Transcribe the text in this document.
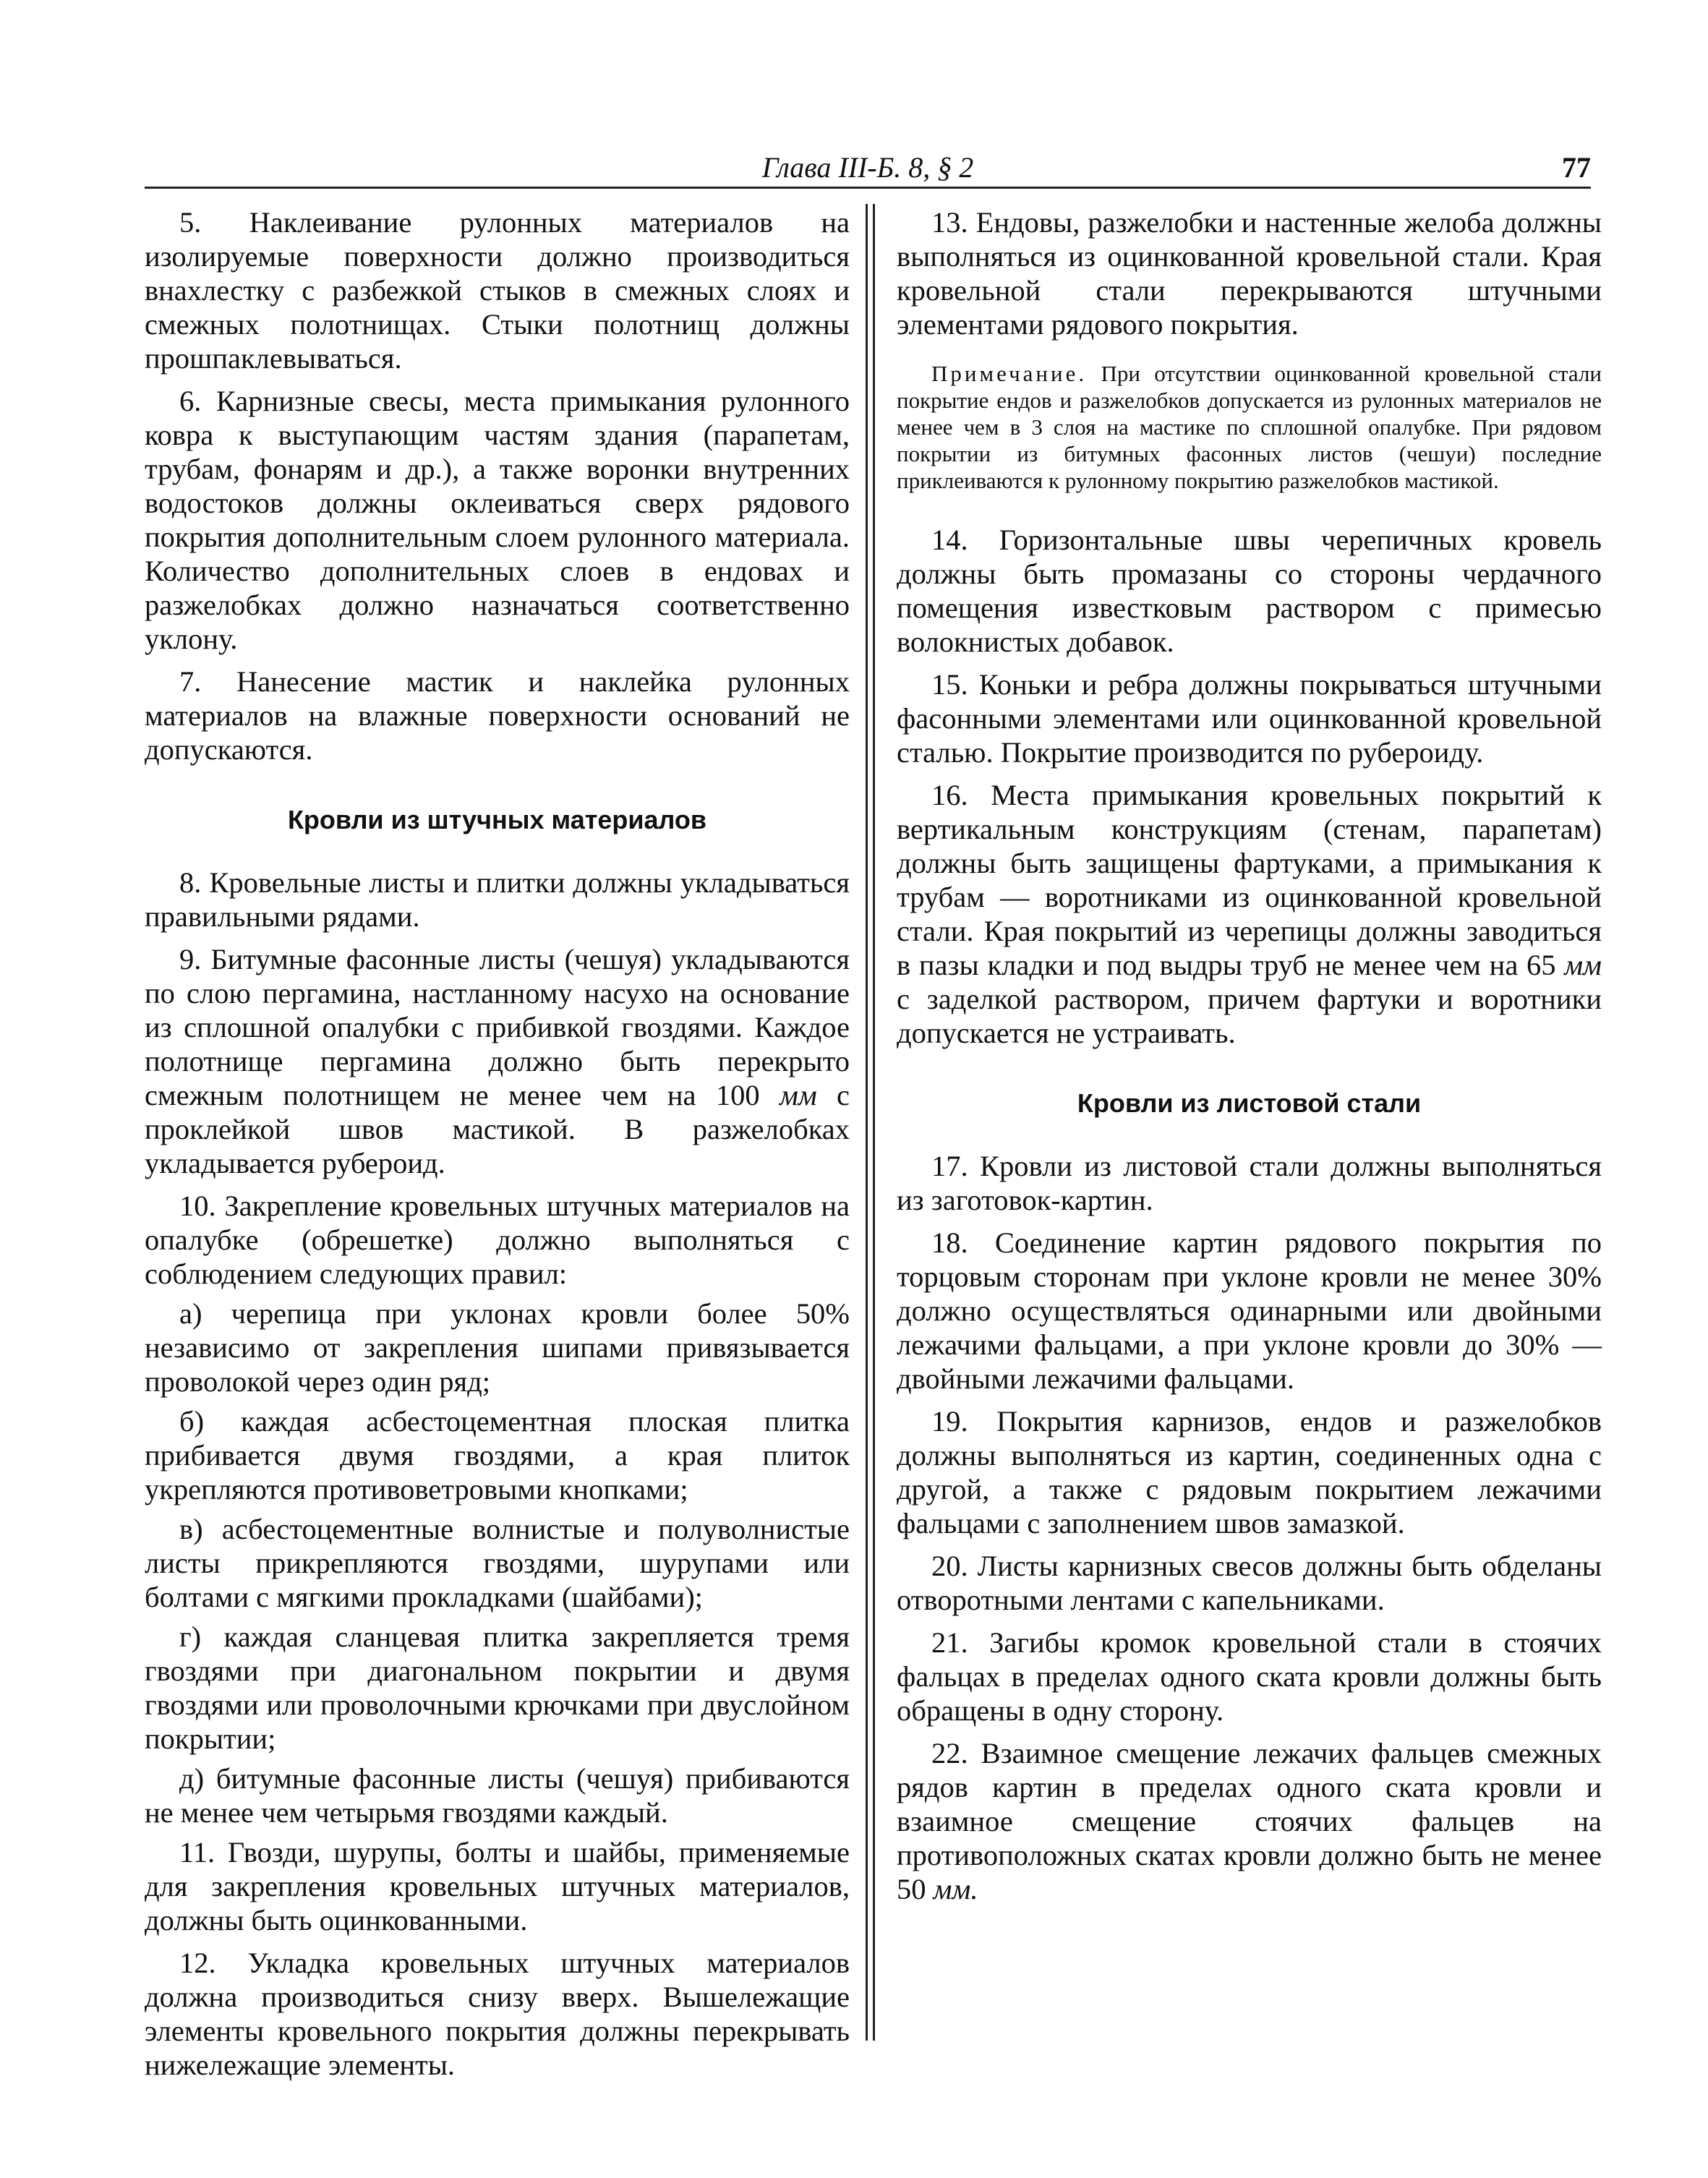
Глава III-Б. 8, § 2	77

5. Наклеивание рулонных материалов на изолируемые поверхности должно производиться внахлестку с разбежкой стыков в смежных слоях и смежных полотнищах. Стыки полотнищ должны прошпаклевываться.

6. Карнизные свесы, места примыкания рулонного ковра к выступающим частям здания (парапетам, трубам, фонарям и др.), а также воронки внутренних водостоков должны оклеиваться сверх рядового покрытия дополнительным слоем рулонного материала. Количество дополнительных слоев в ендовах и разжелобках должно назначаться соответственно уклону.

7. Нанесение мастик и наклейка рулонных материалов на влажные поверхности оснований не допускаются.

Кровли из штучных материалов

8. Кровельные листы и плитки должны укладываться правильными рядами.

9. Битумные фасонные листы (чешуя) укладываются по слою пергамина, настланному насухо на основание из сплошной опалубки с прибивкой гвоздями. Каждое полотнище пергамина должно быть перекрыто смежным полотнищем не менее чем на 100 мм с проклейкой швов мастикой. В разжелобках укладывается рубероид.

10. Закрепление кровельных штучных материалов на опалубке (обрешетке) должно выполняться с соблюдением следующих правил:

а) черепица при уклонах кровли более 50% независимо от закрепления шипами привязывается проволокой через один ряд;

б) каждая асбестоцементная плоская плитка прибивается двумя гвоздями, а края плиток укрепляются противоветровыми кнопками;

в) асбестоцементные волнистые и полуволнистые листы прикрепляются гвоздями, шурупами или болтами с мягкими прокладками (шайбами);

г) каждая сланцевая плитка закрепляется тремя гвоздями при диагональном покрытии и двумя гвоздями или проволочными крючками при двуслойном покрытии;

д) битумные фасонные листы (чешуя) прибиваются не менее чем четырьмя гвоздями каждый.

11. Гвозди, шурупы, болты и шайбы, применяемые для закрепления кровельных штучных материалов, должны быть оцинкованными.

12. Укладка кровельных штучных материалов должна производиться снизу вверх. Вышележащие элементы кровельного покрытия должны перекрывать нижележащие элементы.

13. Ендовы, разжелобки и настенные желоба должны выполняться из оцинкованной кровельной стали. Края кровельной стали перекрываются штучными элементами рядового покрытия.

Примечание. При отсутствии оцинкованной кровельной стали покрытие ендов и разжелобков допускается из рулонных материалов не менее чем в 3 слоя на мастике по сплошной опалубке. При рядовом покрытии из битумных фасонных листов (чешуи) последние приклеиваются к рулонному покрытию разжелобков мастикой.

14. Горизонтальные швы черепичных кровель должны быть промазаны со стороны чердачного помещения известковым раствором с примесью волокнистых добавок.

15. Коньки и ребра должны покрываться штучными фасонными элементами или оцинкованной кровельной сталью. Покрытие производится по рубероиду.

16. Места примыкания кровельных покрытий к вертикальным конструкциям (стенам, парапетам) должны быть защищены фартуками, а примыкания к трубам — воротниками из оцинкованной кровельной стали. Края покрытий из черепицы должны заводиться в пазы кладки и под выдры труб не менее чем на 65 мм с заделкой раствором, причем фартуки и воротники допускается не устраивать.

Кровли из листовой стали

17. Кровли из листовой стали должны выполняться из заготовок-картин.

18. Соединение картин рядового покрытия по торцовым сторонам при уклоне кровли не менее 30% должно осуществляться одинарными или двойными лежачими фальцами, а при уклоне кровли до 30% — двойными лежачими фальцами.

19. Покрытия карнизов, ендов и разжелобков должны выполняться из картин, соединенных одна с другой, а также с рядовым покрытием лежачими фальцами с заполнением швов замазкой.

20. Листы карнизных свесов должны быть обделаны отворотными лентами с капельниками.

21. Загибы кромок кровельной стали в стоячих фальцах в пределах одного ската кровли должны быть обращены в одну сторону.

22. Взаимное смещение лежачих фальцев смежных рядов картин в пределах одного ската кровли и взаимное смещение стоячих фальцев на противоположных скатах кровли должно быть не менее 50 мм.
